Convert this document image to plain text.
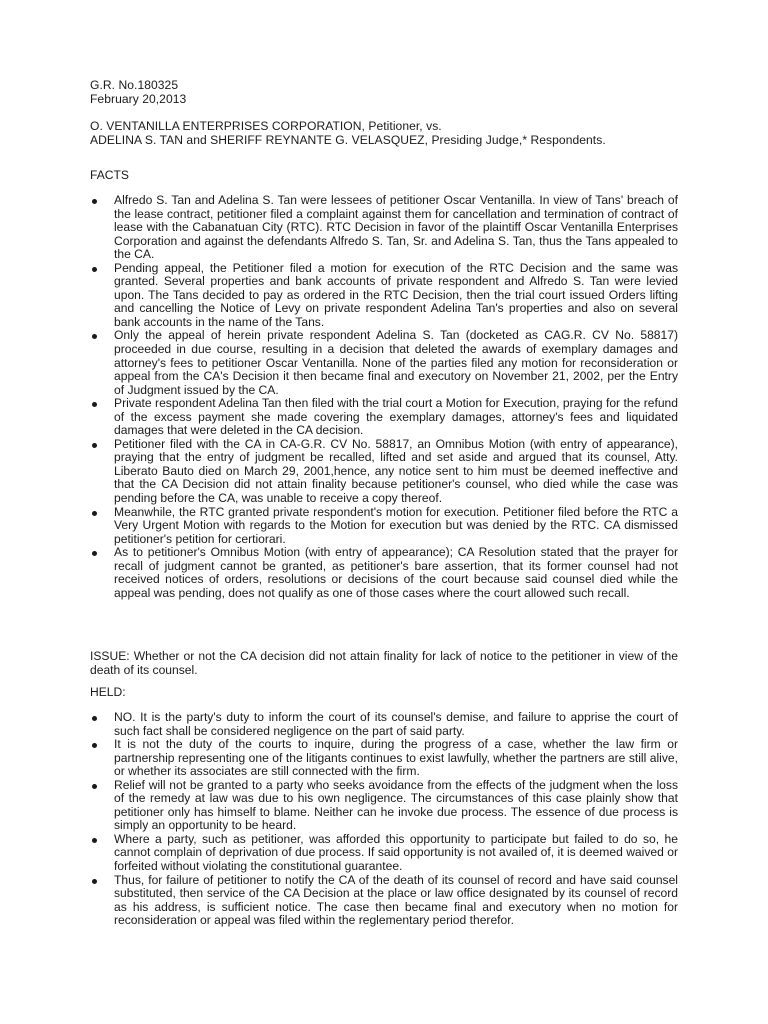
G.R. No.180325
February 20,2013
O. VENTANILLA ENTERPRISES CORPORATION, Petitioner, vs.
ADELINA S. TAN and SHERIFF REYNANTE G. VELASQUEZ, Presiding Judge,* Respondents.
FACTS
Alfredo S. Tan and Adelina S. Tan were lessees of petitioner Oscar Ventanilla. In view of Tans' breach of the lease contract, petitioner filed a complaint against them for cancellation and termination of contract of lease with the Cabanatuan City (RTC). RTC Decision in favor of the plaintiff Oscar Ventanilla Enterprises Corporation and against the defendants Alfredo S. Tan, Sr. and Adelina S. Tan, thus the Tans appealed to the CA.
Pending appeal, the Petitioner filed a motion for execution of the RTC Decision and the same was granted. Several properties and bank accounts of private respondent and Alfredo S. Tan were levied upon. The Tans decided to pay as ordered in the RTC Decision, then the trial court issued Orders lifting and cancelling the Notice of Levy on private respondent Adelina Tan's properties and also on several bank accounts in the name of the Tans.
Only the appeal of herein private respondent Adelina S. Tan (docketed as CAG.R. CV No. 58817) proceeded in due course, resulting in a decision that deleted the awards of exemplary damages and attorney's fees to petitioner Oscar Ventanilla. None of the parties filed any motion for reconsideration or appeal from the CA's Decision it then became final and executory on November 21, 2002, per the Entry of Judgment issued by the CA.
Private respondent Adelina Tan then filed with the trial court a Motion for Execution, praying for the refund of the excess payment she made covering the exemplary damages, attorney's fees and liquidated damages that were deleted in the CA decision.
Petitioner filed with the CA in CA-G.R. CV No. 58817, an Omnibus Motion (with entry of appearance), praying that the entry of judgment be recalled, lifted and set aside and argued that its counsel, Atty. Liberato Bauto died on March 29, 2001,hence, any notice sent to him must be deemed ineffective and that the CA Decision did not attain finality because petitioner's counsel, who died while the case was pending before the CA, was unable to receive a copy thereof.
Meanwhile, the RTC granted private respondent's motion for execution. Petitioner filed before the RTC a Very Urgent Motion with regards to the Motion for execution but was denied by the RTC. CA dismissed petitioner's petition for certiorari.
As to petitioner's Omnibus Motion (with entry of appearance); CA Resolution stated that the prayer for recall of judgment cannot be granted, as petitioner's bare assertion, that its former counsel had not received notices of orders, resolutions or decisions of the court because said counsel died while the appeal was pending, does not qualify as one of those cases where the court allowed such recall.
ISSUE: Whether or not the CA decision did not attain finality for lack of notice to the petitioner in view of the death of its counsel.
HELD:
NO. It is the party's duty to inform the court of its counsel's demise, and failure to apprise the court of such fact shall be considered negligence on the part of said party.
It is not the duty of the courts to inquire, during the progress of a case, whether the law firm or partnership representing one of the litigants continues to exist lawfully, whether the partners are still alive, or whether its associates are still connected with the firm.
Relief will not be granted to a party who seeks avoidance from the effects of the judgment when the loss of the remedy at law was due to his own negligence. The circumstances of this case plainly show that petitioner only has himself to blame. Neither can he invoke due process. The essence of due process is simply an opportunity to be heard.
Where a party, such as petitioner, was afforded this opportunity to participate but failed to do so, he cannot complain of deprivation of due process. If said opportunity is not availed of, it is deemed waived or forfeited without violating the constitutional guarantee.
Thus, for failure of petitioner to notify the CA of the death of its counsel of record and have said counsel substituted, then service of the CA Decision at the place or law office designated by its counsel of record as his address, is sufficient notice. The case then became final and executory when no motion for reconsideration or appeal was filed within the reglementary period therefor.
